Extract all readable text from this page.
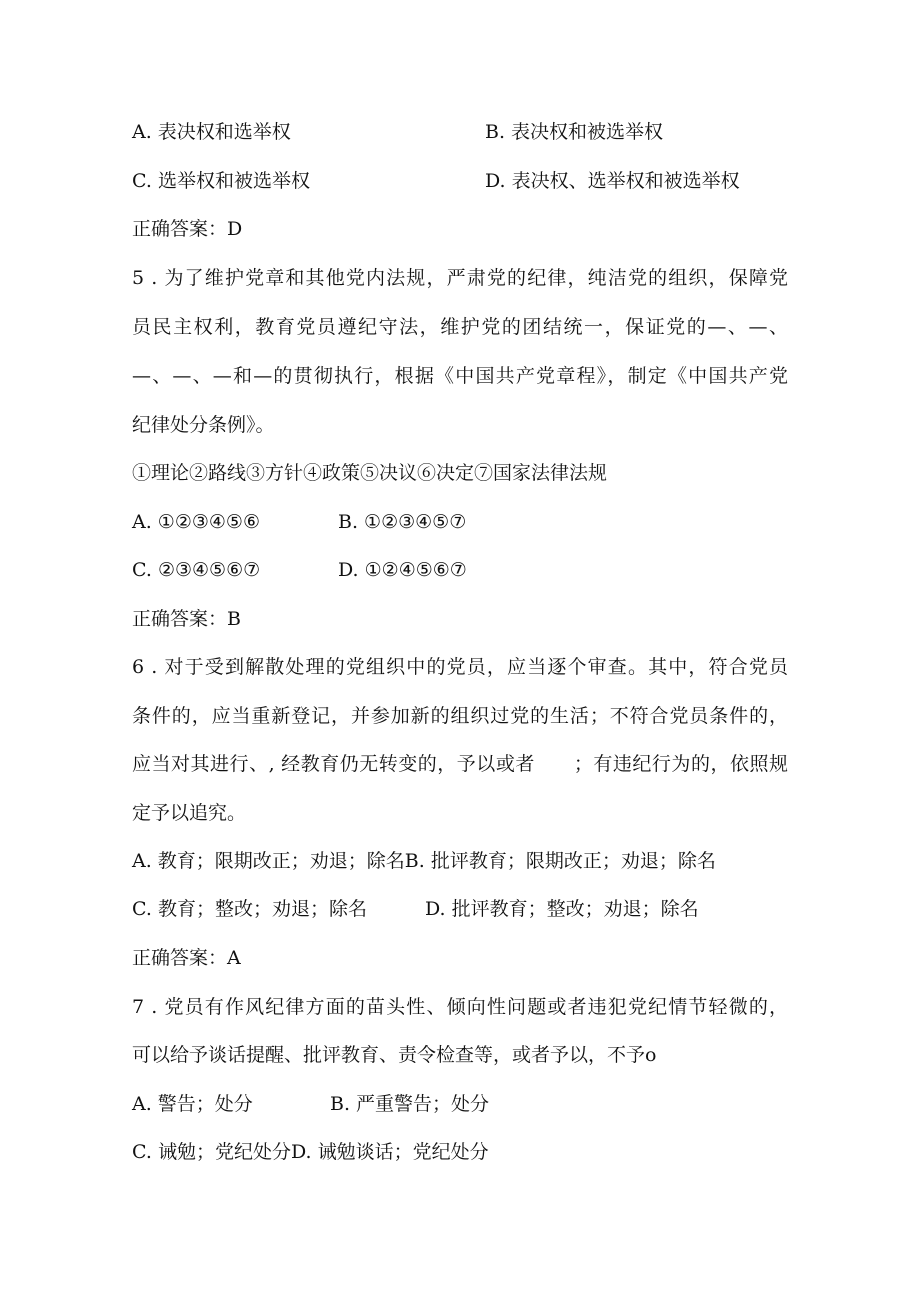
A. 表决权和选举权	B. 表决权和被选举权
C. 选举权和被选举权	D. 表决权、选举权和被选举权
正确答案：D
5 . 为了维护党章和其他党内法规，严肃党的纪律，纯洁党的组织，保障党
员民主权利，教育党员遵纪守法，维护党的团结统一，保证党的—、—、
—、—、—和—的贯彻执行，根据《中国共产党章程》，制定《中国共产党
纪律处分条例》。
①理论②路线③方针④政策⑤决议⑥决定⑦国家法律法规
A. ①②③④⑤⑥	B. ①②③④⑤⑦
C. ②③④⑤⑥⑦	D. ①②④⑤⑥⑦
正确答案：B
6 . 对于受到解散处理的党组织中的党员，应当逐个审查。其中，符合党员
条件的，应当重新登记，并参加新的组织过党的生活；不符合党员条件的，
应当对其进行、, 经教育仍无转变的，予以或者　　；有违纪行为的，依照规
定予以追究。
A. 教育；限期改正；劝退；除名B. 批评教育；限期改正；劝退；除名
C. 教育；整改；劝退；除名	D. 批评教育；整改；劝退；除名
正确答案：A
7 . 党员有作风纪律方面的苗头性、倾向性问题或者违犯党纪情节轻微的，
可以给予谈话提醒、批评教育、责令检查等，或者予以，不予o
A. 警告；处分	B. 严重警告；处分
C. 诫勉；党纪处分D. 诫勉谈话；党纪处分
